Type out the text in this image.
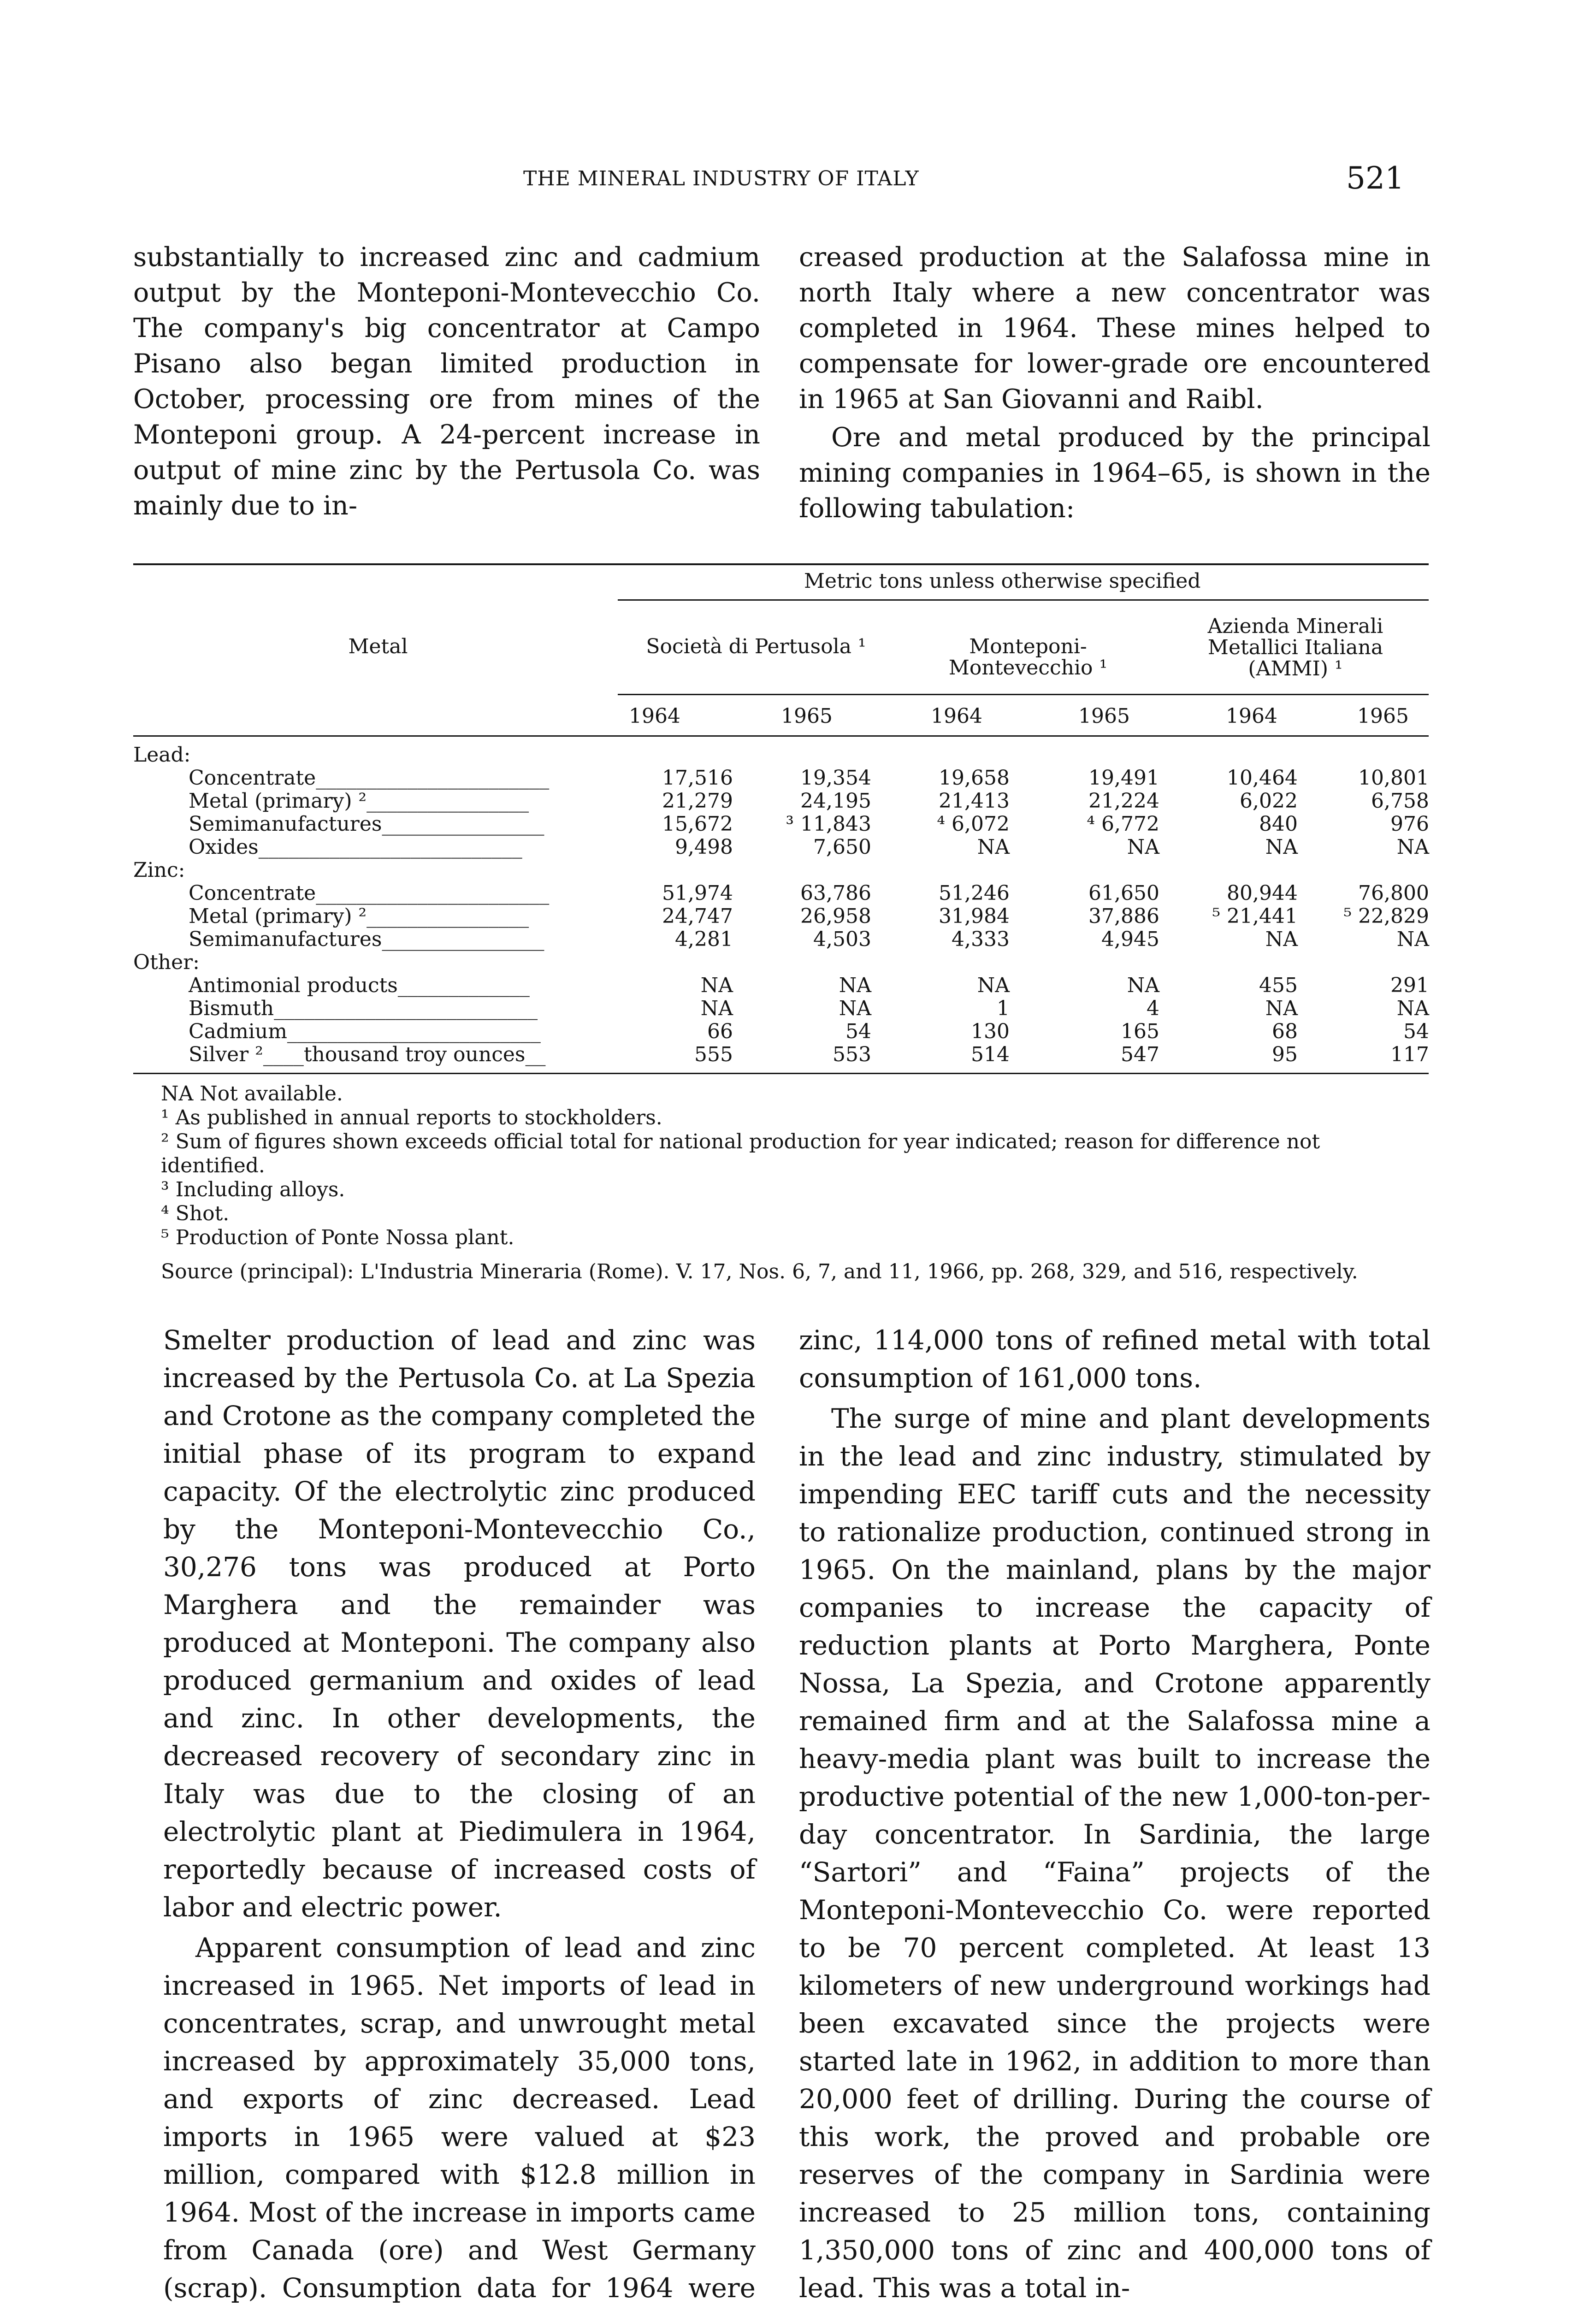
THE MINERAL INDUSTRY OF ITALY	521

substantially to increased zinc and cadmium output by the Monteponi-Montevecchio Co. The company's big concentrator at Campo Pisano also began limited production in October, processing ore from mines of the Monteponi group. A 24-percent increase in output of mine zinc by the Pertusola Co. was mainly due to in-

creased production at the Salafossa mine in north Italy where a new concentrator was completed in 1964. These mines helped to compensate for lower-grade ore encountered in 1965 at San Giovanni and Raibl.

Ore and metal produced by the principal mining companies in 1964–65, is shown in the following tabulation:

Metric tons unless otherwise specified
Metal	Società di Pertusola ¹	Monteponi-
Montevecchio ¹
Azienda Minerali
Metallici Italiana
(AMMI) ¹
1964	1965	1964	1965	1964	1965
Lead:
Concentrate_______________________	17,516	19,354	19,658	19,491	10,464	10,801
Metal (primary) ²________________	21,279	24,195	21,413	21,224	6,022	6,758
Semimanufactures________________	15,672	³ 11,843	⁴ 6,072	⁴ 6,772	840	976
Oxides__________________________	9,498	7,650	NA	NA	NA	NA
Zinc:
Concentrate_______________________	51,974	63,786	51,246	61,650	80,944	76,800
Metal (primary) ²________________	24,747	26,958	31,984	37,886	⁵ 21,441	⁵ 22,829
Semimanufactures________________	4,281	4,503	4,333	4,945	NA	NA
Other:
Antimonial products_____________	NA	NA	NA	NA	455	291
Bismuth__________________________	NA	NA	1	4	NA	NA
Cadmium_________________________	66	54	130	165	68	54
Silver ²____thousand troy ounces__	555	553	514	547	95	117
NA Not available.
¹ As published in annual reports to stockholders.
² Sum of figures shown exceeds official total for national production for year indicated; reason for difference not identified.
³ Including alloys.
⁴ Shot.
⁵ Production of Ponte Nossa plant.
Source (principal): L'Industria Mineraria (Rome). V. 17, Nos. 6, 7, and 11, 1966, pp. 268, 329, and 516, respectively.

Smelter production of lead and zinc was increased by the Pertusola Co. at La Spezia and Crotone as the company completed the initial phase of its program to expand capacity. Of the electrolytic zinc produced by the Monteponi-Montevecchio Co., 30,276 tons was produced at Porto Marghera and the remainder was produced at Monteponi. The company also produced germanium and oxides of lead and zinc. In other developments, the decreased recovery of secondary zinc in Italy was due to the closing of an electrolytic plant at Piedimulera in 1964, reportedly because of increased costs of labor and electric power.

Apparent consumption of lead and zinc increased in 1965. Net imports of lead in concentrates, scrap, and unwrought metal increased by approximately 35,000 tons, and exports of zinc decreased. Lead imports in 1965 were valued at $23 million, compared with $12.8 million in 1964. Most of the increase in imports came from Canada (ore) and West Germany (scrap). Consumption data for 1964 were

zinc, 114,000 tons of refined metal with total consumption of 161,000 tons.

The surge of mine and plant developments in the lead and zinc industry, stimulated by impending EEC tariff cuts and the necessity to rationalize production, continued strong in 1965. On the mainland, plans by the major companies to increase the capacity of reduction plants at Porto Marghera, Ponte Nossa, La Spezia, and Crotone apparently remained firm and at the Salafossa mine a heavy-media plant was built to increase the productive potential of the new 1,000-ton-per-day concentrator. In Sardinia, the large “Sartori” and “Faina” projects of the Monteponi-Montevecchio Co. were reported to be 70 percent completed. At least 13 kilometers of new underground workings had been excavated since the projects were started late in 1962, in addition to more than 20,000 feet of drilling. During the course of this work, the proved and probable ore reserves of the company in Sardinia were increased to 25 million tons, containing 1,350,000 tons of zinc and 400,000 tons of lead. This was a total in-
